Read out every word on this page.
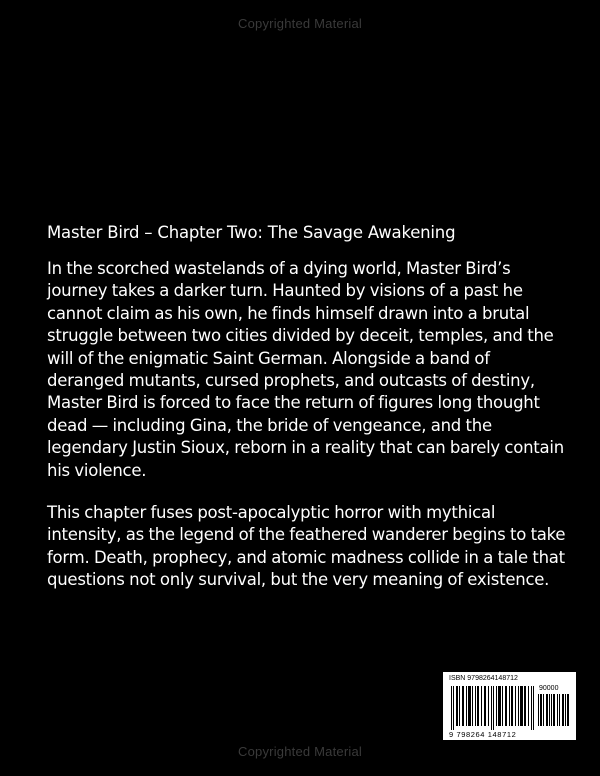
Copyrighted Material
Master Bird – Chapter Two: The Savage Awakening

In the scorched wastelands of a dying world, Master Bird’s journey takes a darker turn. Haunted by visions of a past he cannot claim as his own, he finds himself drawn into a brutal struggle between two cities divided by deceit, temples, and the will of the enigmatic Saint German. Alongside a band of deranged mutants, cursed prophets, and outcasts of destiny, Master Bird is forced to face the return of figures long thought dead — including Gina, the bride of vengeance, and the legendary Justin Sioux, reborn in a reality that can barely contain his violence.

This chapter fuses post-apocalyptic horror with mythical intensity, as the legend of the feathered wanderer begins to take form. Death, prophecy, and atomic madness collide in a tale that questions not only survival, but the very meaning of existence.

ISBN 9798264148712
90000
9 798264 148712
Copyrighted Material
